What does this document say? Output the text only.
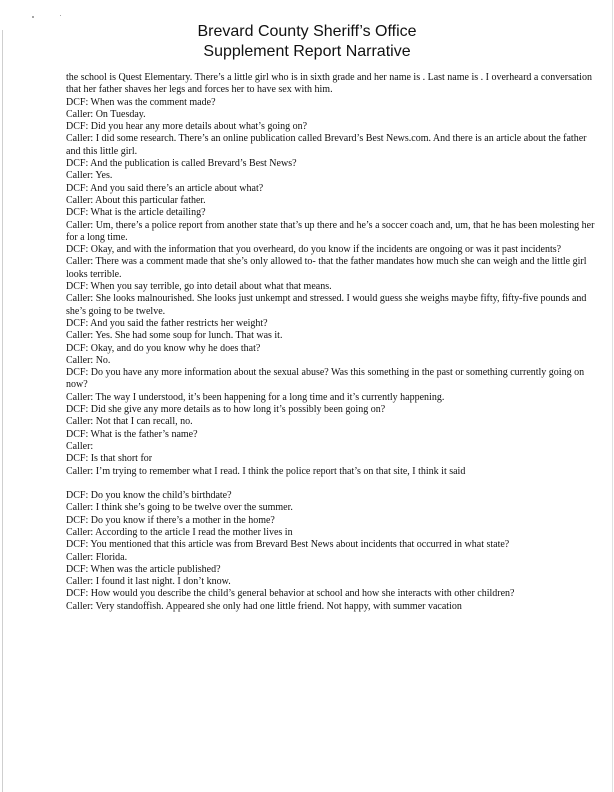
Brevard County Sheriff’s Office
Supplement Report Narrative

the school is Quest Elementary. There’s a little girl who is in sixth grade and her name is . Last name is . I overheard a conversation that her father shaves her legs and forces her to have sex with him.

DCF: When was the comment made?

Caller: On Tuesday.

DCF: Did you hear any more details about what’s going on?

Caller: I did some research. There’s an online publication called Brevard’s Best News.com. And there is an article about the father and this little girl.

DCF: And the publication is called Brevard’s Best News?

Caller: Yes.

DCF: And you said there’s an article about what?

Caller: About this particular father.

DCF: What is the article detailing?

Caller: Um, there’s a police report from another state that’s up there and he’s a soccer coach and, um, that he has been molesting her for a long time.

DCF: Okay, and with the information that you overheard, do you know if the incidents are ongoing or was it past incidents?

Caller: There was a comment made that she’s only allowed to- that the father mandates how much she can weigh and the little girl looks terrible.

DCF: When you say terrible, go into detail about what that means.

Caller: She looks malnourished. She looks just unkempt and stressed. I would guess she weighs maybe fifty, fifty-five pounds and she’s going to be twelve.

DCF: And you said the father restricts her weight?

Caller: Yes. She had some soup for lunch. That was it.

DCF: Okay, and do you know why he does that?

Caller: No.

DCF: Do you have any more information about the sexual abuse? Was this something in the past or something currently going on now?

Caller: The way I understood, it’s been happening for a long time and it’s currently happening.

DCF: Did she give any more details as to how long it’s possibly been going on?

Caller: Not that I can recall, no.

DCF: What is the father’s name?

Caller:

DCF: Is that short for

Caller: I’m trying to remember what I read. I think the police report that’s on that site, I think it said

DCF: Do you know the child’s birthdate?

Caller: I think she’s going to be twelve over the summer.

DCF: Do you know if there’s a mother in the home?

Caller: According to the article I read the mother lives in

DCF: You mentioned that this article was from Brevard Best News about incidents that occurred in what state?

Caller: Florida.

DCF: When was the article published?

Caller: I found it last night. I don’t know.

DCF: How would you describe the child’s general behavior at school and how she interacts with other children?

Caller: Very standoffish. Appeared she only had one little friend. Not happy, with summer vacation
